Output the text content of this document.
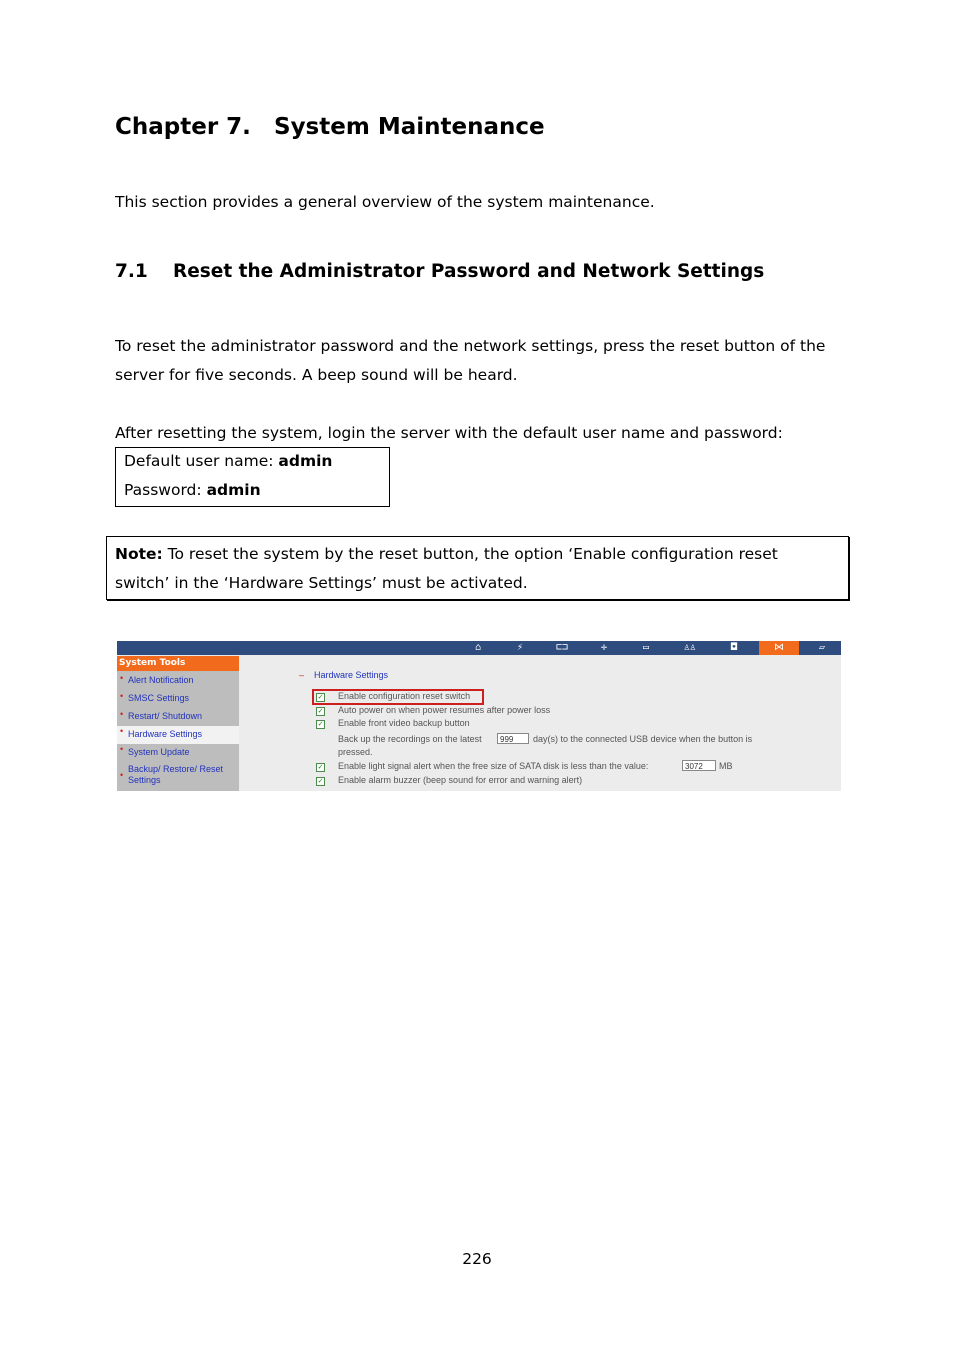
Chapter 7. System Maintenance
This section provides a general overview of the system maintenance.
7.1 Reset the Administrator Password and Network Settings
To reset the administrator password and the network settings, press the reset button of the
server for five seconds. A beep sound will be heard.
After resetting the system, login the server with the default user name and password:
Default user name: admin
Password: admin
Note: To reset the system by the reset button, the option ‘Enable configuration reset
switch’ in the ‘Hardware Settings’ must be activated.
⌂	⚡	⊏⊐	✛	▭	♙♙	◘	⋈	▱
System Tools
• Alert Notification
• SMSC Settings
• Restart/ Shutdown
• Hardware Settings
• System Update
•
Backup/ Restore/ Reset
Settings
– Hardware Settings
✓ Enable configuration reset switch
✓ Auto power on when power resumes after power loss
✓ Enable front video backup button
Back up the recordings on the latest	999	day(s) to the connected USB device when the button is
pressed.
✓ Enable light signal alert when the free size of SATA disk is less than the value:	3072	MB
✓ Enable alarm buzzer (beep sound for error and warning alert)
226
